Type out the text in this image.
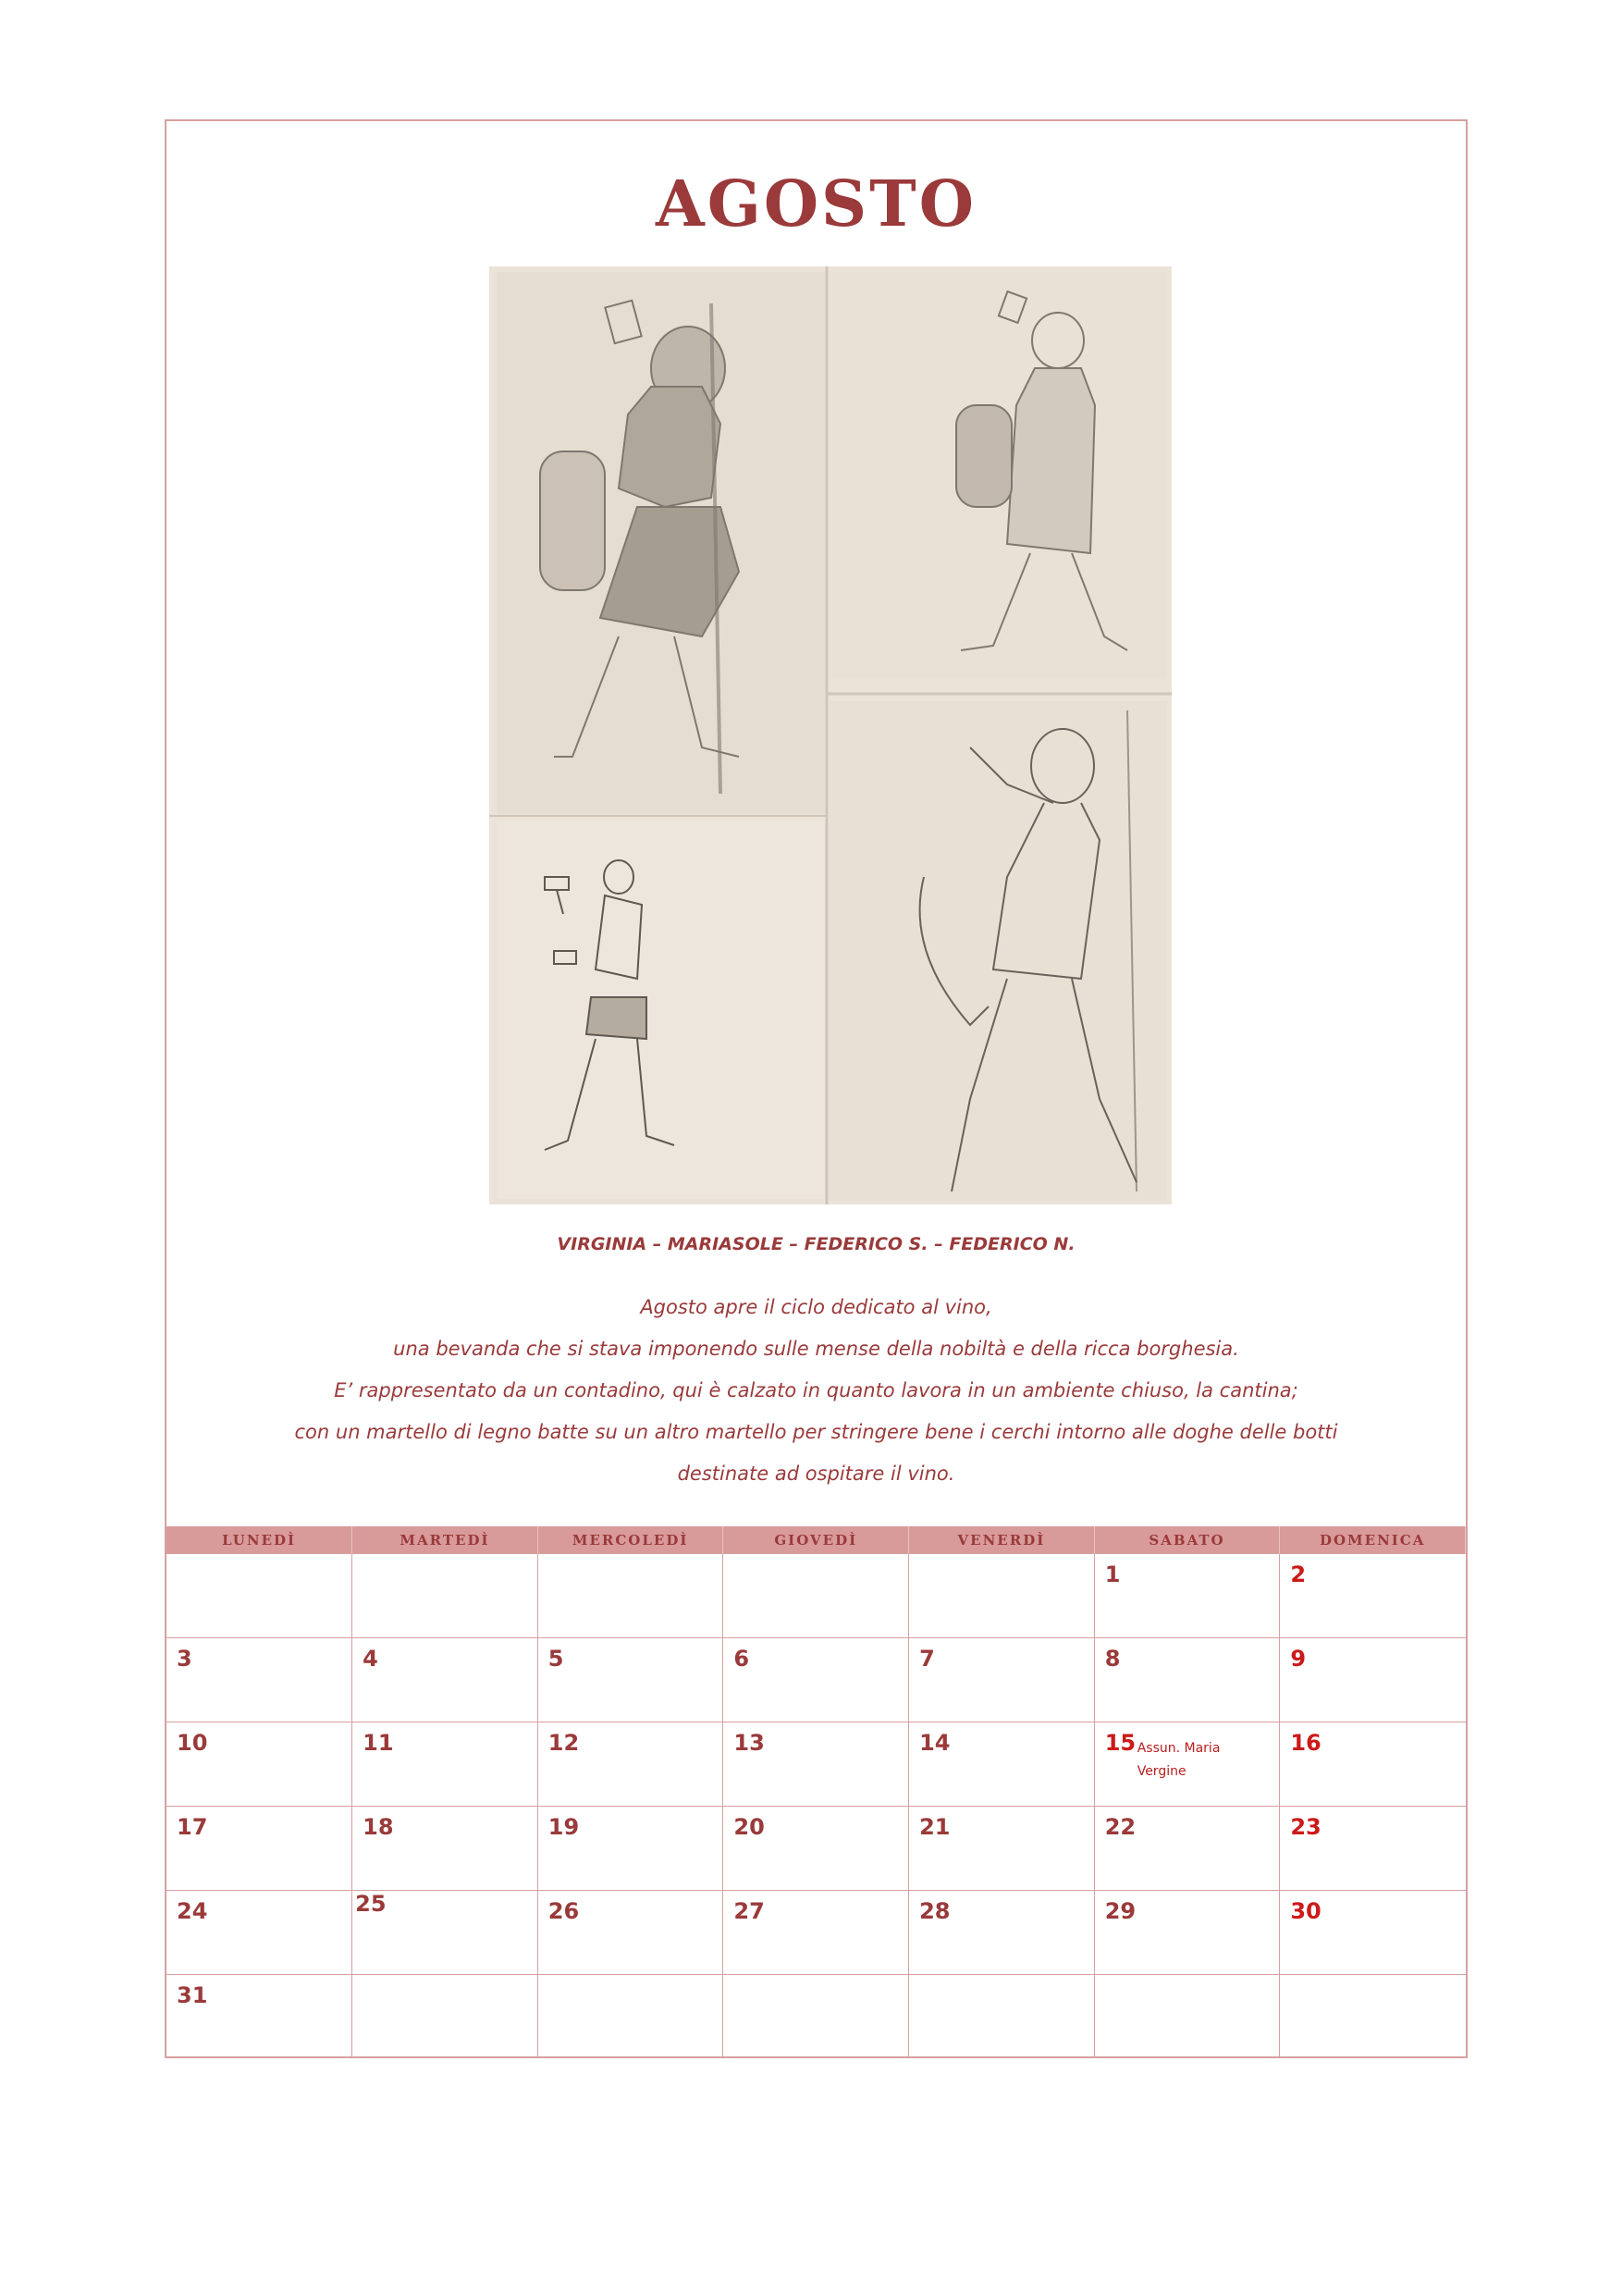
AGOSTO
VIRGINIA – MARIASOLE – FEDERICO S. – FEDERICO N.
Agosto apre il ciclo dedicato al vino,
una bevanda che si stava imponendo sulle mense della nobiltà e della ricca borghesia.
E’ rappresentato da un contadino, qui è calzato in quanto lavora in un ambiente chiuso, la cantina;
con un martello di legno batte su un altro martello per stringere bene i cerchi intorno alle doghe delle botti
destinate ad ospitare il vino.
LUNEDÌ	MARTEDÌ	MERCOLEDÌ	GIOVEDÌ	VENERDÌ	SABATO	DOMENICA

					1	2

3	4	5	6	7	8	9

10	11	12	13	14	15 Assun. Maria Vergine	16

17	18	19	20	21	22	23

24	25	26	27	28	29	30

31						
